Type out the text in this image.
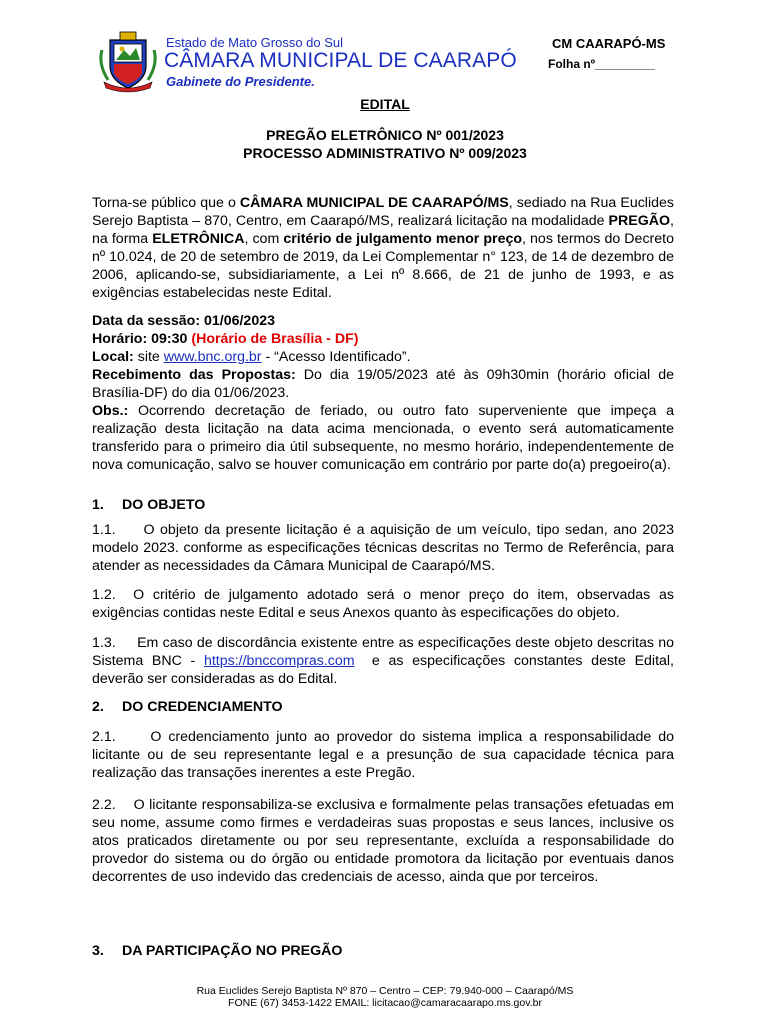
Estado de Mato Grosso do Sul
CÂMARA MUNICIPAL DE CAARAPÓ
Gabinete do Presidente.
CM CAARAPÓ-MS
Folha nº_________
EDITAL
PREGÃO ELETRÔNICO Nº 001/2023
PROCESSO ADMINISTRATIVO Nº 009/2023
Torna-se público que o CÂMARA MUNICIPAL DE CAARAPÓ/MS, sediado na Rua Euclides Serejo Baptista – 870, Centro, em Caarapó/MS, realizará licitação na modalidade PREGÃO, na forma ELETRÔNICA, com critério de julgamento menor preço, nos termos do Decreto nº 10.024, de 20 de setembro de 2019, da Lei Complementar n° 123, de 14 de dezembro de 2006, aplicando-se, subsidiariamente, a Lei nº 8.666, de 21 de junho de 1993, e as exigências estabelecidas neste Edital.
Data da sessão: 01/06/2023
Horário: 09:30 (Horário de Brasília - DF)
Local: site www.bnc.org.br - “Acesso Identificado”.
Recebimento das Propostas: Do dia 19/05/2023 até às 09h30min (horário oficial de Brasília-DF) do dia 01/06/2023.
Obs.: Ocorrendo decretação de feriado, ou outro fato superveniente que impeça a realização desta licitação na data acima mencionada, o evento será automaticamente transferido para o primeiro dia útil subsequente, no mesmo horário, independentemente de nova comunicação, salvo se houver comunicação em contrário por parte do(a) pregoeiro(a).
1. DO OBJETO
1.1.     O objeto da presente licitação é a aquisição de um veículo, tipo sedan, ano 2023 modelo 2023. conforme as especificações técnicas descritas no Termo de Referência, para atender as necessidades da Câmara Municipal de Caarapó/MS.
1.2.  O critério de julgamento adotado será o menor preço do item, observadas as exigências contidas neste Edital e seus Anexos quanto às especificações do objeto.
1.3.     Em caso de discordância existente entre as especificações deste objeto descritas no Sistema BNC - https://bnccompras.com  e as especificações constantes deste Edital, deverão ser consideradas as do Edital.
2. DO CREDENCIAMENTO
2.1.     O credenciamento junto ao provedor do sistema implica a responsabilidade do licitante ou de seu representante legal e a presunção de sua capacidade técnica para realização das transações inerentes a este Pregão.
2.2.    O licitante responsabiliza-se exclusiva e formalmente pelas transações efetuadas em seu nome, assume como firmes e verdadeiras suas propostas e seus lances, inclusive os atos praticados diretamente ou por seu representante, excluída a responsabilidade do provedor do sistema ou do órgão ou entidade promotora da licitação por eventuais danos decorrentes de uso indevido das credenciais de acesso, ainda que por terceiros.
3. DA PARTICIPAÇÃO NO PREGÃO
Rua Euclides Serejo Baptista Nº 870 – Centro – CEP: 79.940-000 – Caarapó/MS
FONE (67) 3453-1422 EMAIL: licitacao@camaracaarapo.ms.gov.br
